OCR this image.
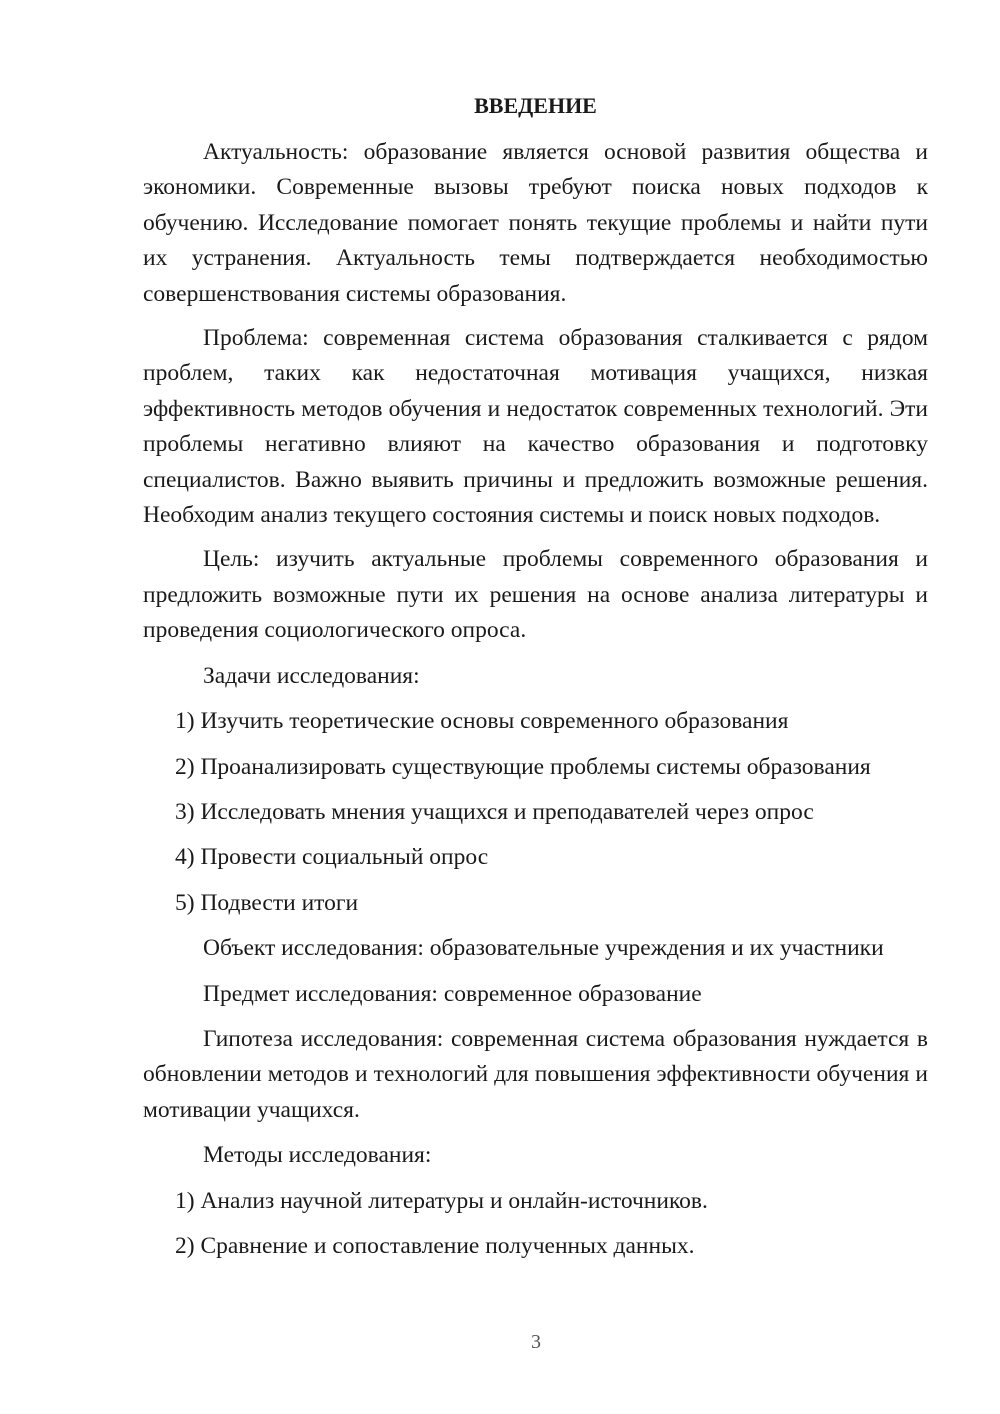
ВВЕДЕНИЕ

Актуальность: образование является основой развития общества и экономики. Современные вызовы требуют поиска новых подходов к обучению. Исследование помогает понять текущие проблемы и найти пути их устранения. Актуальность темы подтверждается необходимостью совершенствования системы образования.

Проблема: современная система образования сталкивается с рядом проблем, таких как недостаточная мотивация учащихся, низкая эффективность методов обучения и недостаток современных технологий. Эти проблемы негативно влияют на качество образования и подготовку специалистов. Важно выявить причины и предложить возможные решения. Необходим анализ текущего состояния системы и поиск новых подходов.

Цель: изучить актуальные проблемы современного образования и предложить возможные пути их решения на основе анализа литературы и проведения социологического опроса.

Задачи исследования:

1) Изучить теоретические основы современного образования

2) Проанализировать существующие проблемы системы образования

3) Исследовать мнения учащихся и преподавателей через опрос

4) Провести социальный опрос

5) Подвести итоги

Объект исследования: образовательные учреждения и их участники

Предмет исследования: современное образование

Гипотеза исследования: современная система образования нуждается в обновлении методов и технологий для повышения эффективности обучения и мотивации учащихся.

Методы исследования:

1) Анализ научной литературы и онлайн-источников.

2) Сравнение и сопоставление полученных данных.

3
